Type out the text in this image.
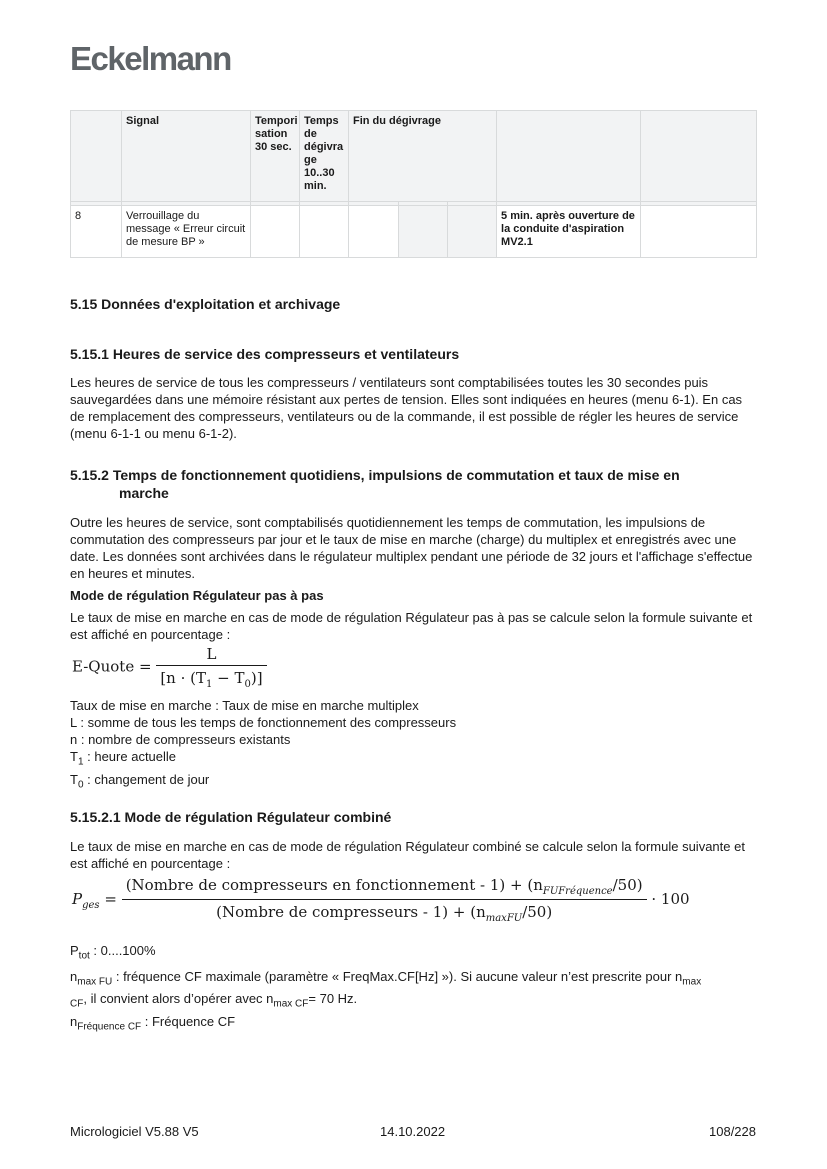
Eckelmann
	Signal	Tempori sation 30 sec.	Temps de dégivra ge 10..30 min.	Fin du dégivrage				

8	Verrouillage du message « Erreur circuit de mesure BP »						5 min. après ouverture de la conduite d'aspiration MV2.1	
5.15 Données d'exploitation et archivage
5.15.1 Heures de service des compresseurs et ventilateurs
Les heures de service de tous les compresseurs / ventilateurs sont comptabilisées toutes les 30 secondes puis sauvegardées dans une mémoire résistant aux pertes de tension. Elles sont indiquées en heures (menu 6-1). En cas de remplacement des compresseurs, ventilateurs ou de la commande, il est possible de régler les heures de service (menu 6-1-1 ou menu 6-1-2).
5.15.2 Temps de fonctionnement quotidiens, impulsions de commutation et taux de mise en
marche
Outre les heures de service, sont comptabilisés quotidiennement les temps de commutation, les impulsions de commutation des compresseurs par jour et le taux de mise en marche (charge) du multiplex et enregistrés avec une date. Les données sont archivées dans le régulateur multiplex pendant une période de 32 jours et l'affichage s'effectue en heures et minutes.
Mode de régulation Régulateur pas à pas
Le taux de mise en marche en cas de mode de régulation Régulateur pas à pas se calcule selon la formule suivante et est affiché en pourcentage :
E-Quote = $\frac{L}{[n \cdot (T_1 - T_0)]}$
Taux de mise en marche : Taux de mise en marche multiplex
L : somme de tous les temps de fonctionnement des compresseurs
n : nombre de compresseurs existants
$T_1$ : heure actuelle
$T_0$ : changement de jour
5.15.2.1 Mode de régulation Régulateur combiné
Le taux de mise en marche en cas de mode de régulation Régulateur combiné se calcule selon la formule suivante et est affiché en pourcentage :
$P_{ges}$ =
(Nombre de compresseurs en fonctionnement - $1) + (n_{FUFréquence}/50)$
(Nombre de compresseurs - $1) + (n_{maxFU}/50)$
· 100
$P_{tot}$ : 0....100%
$n_{max FU}$ : fréquence CF maximale (paramètre « FreqMax.CF[Hz] »). Si aucune valeur n’est prescrite pour $n_{max}$
$_{CF}$, il convient alors d’opérer avec $n_{max CF}= 70$ Hz.
$n_{Fréquence CF}$ : Fréquence CF
Micrologiciel V5.88 V5	14.10.2022	108/228
